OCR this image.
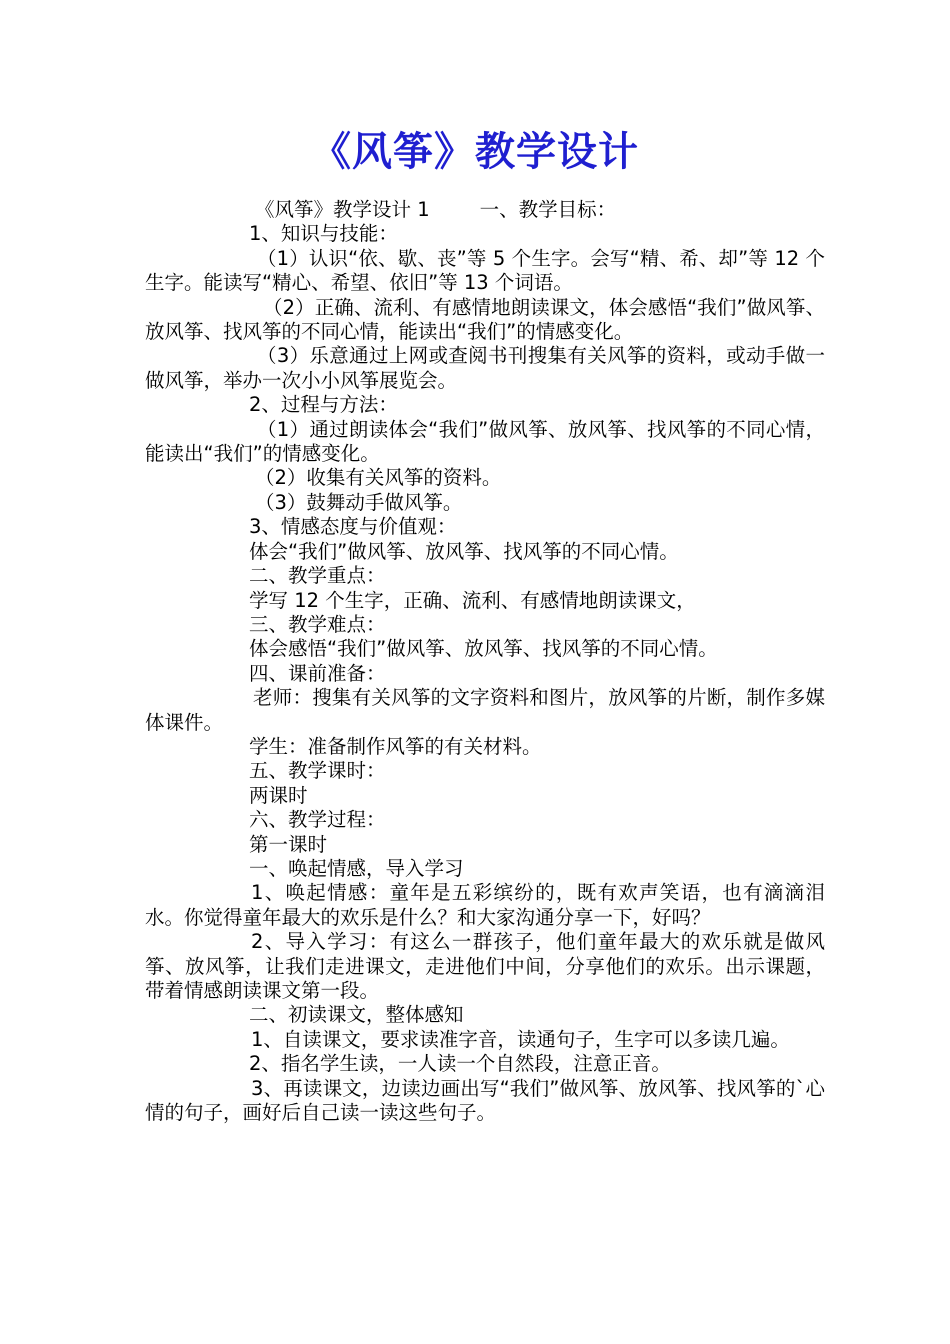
《风筝》教学设计

《风筝》教学设计 1	一、教学目标：

1、知识与技能：

（1）认识“依、歇、丧”等 5 个生字。会写“精、希、却”等 12 个生字。能读写“精心、希望、依旧”等 13 个词语。

（2）正确、流利、有感情地朗读课文，体会感悟“我们”做风筝、放风筝、找风筝的不同心情，能读出“我们”的情感变化。

（3）乐意通过上网或查阅书刊搜集有关风筝的资料，或动手做一做风筝，举办一次小小风筝展览会。

2、过程与方法：

（1）通过朗读体会“我们”做风筝、放风筝、找风筝的不同心情，能读出“我们”的情感变化。

（2）收集有关风筝的资料。

（3）鼓舞动手做风筝。

3、情感态度与价值观：

体会“我们”做风筝、放风筝、找风筝的不同心情。

二、教学重点：

学写 12 个生字，正确、流利、有感情地朗读课文，

三、教学难点：

体会感悟“我们”做风筝、放风筝、找风筝的不同心情。

四、课前准备：

老师：搜集有关风筝的文字资料和图片，放风筝的片断，制作多媒体课件。

学生：准备制作风筝的有关材料。

五、教学课时：

两课时

六、教学过程：

第一课时

一、唤起情感，导入学习

1、唤起情感：童年是五彩缤纷的，既有欢声笑语，也有滴滴泪水。你觉得童年最大的欢乐是什么？和大家沟通分享一下，好吗？

2、导入学习：有这么一群孩子，他们童年最大的欢乐就是做风筝、放风筝，让我们走进课文，走进他们中间，分享他们的欢乐。出示课题，带着情感朗读课文第一段。

二、初读课文，整体感知

1、自读课文，要求读准字音，读通句子，生字可以多读几遍。

2、指名学生读，一人读一个自然段，注意正音。

3、再读课文，边读边画出写“我们”做风筝、放风筝、找风筝的`心情的句子，画好后自己读一读这些句子。
